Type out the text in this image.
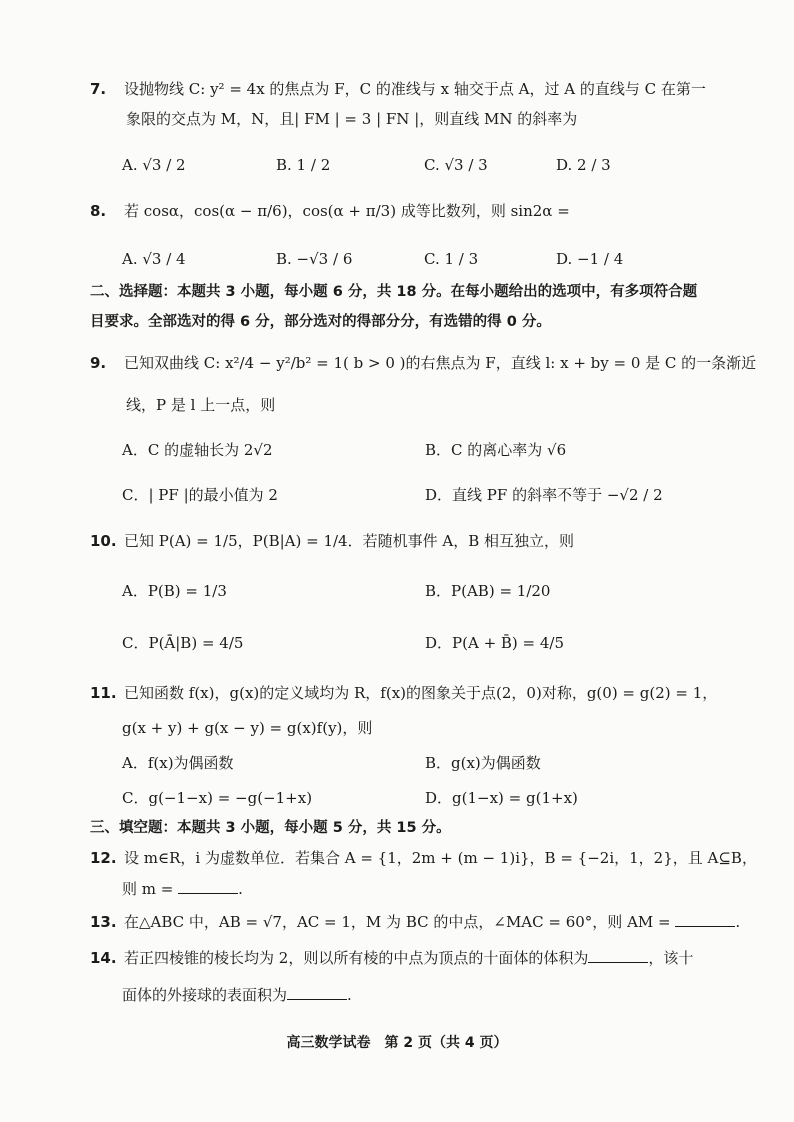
7. 设抛物线 C: y² = 4x 的焦点为 F，C 的准线与 x 轴交于点 A，过 A 的直线与 C 在第一
象限的交点为 M，N，且| FM | = 3 | FN |，则直线 MN 的斜率为
A. √3 / 2	B. 1 / 2	C. √3 / 3	D. 2 / 3
8. 若 cosα，cos(α − π/6)，cos(α + π/3) 成等比数列，则 sin2α =
A. √3 / 4	B. −√3 / 6	C. 1 / 3	D. −1 / 4
二、选择题：本题共 3 小题，每小题 6 分，共 18 分。在每小题给出的选项中，有多项符合题
目要求。全部选对的得 6 分，部分选对的得部分分，有选错的得 0 分。
9. 已知双曲线 C: x²/4 − y²/b² = 1( b > 0 )的右焦点为 F，直线 l: x + by = 0 是 C 的一条渐近
线，P 是 l 上一点，则
A．C 的虚轴长为 2√2	B．C 的离心率为 √6
C．| PF |的最小值为 2	D．直线 PF 的斜率不等于 −√2 / 2
10. 已知 P(A) = 1/5，P(B|A) = 1/4．若随机事件 A，B 相互独立，则
A．P(B) = 1/3	B．P(AB) = 1/20
C．P(Ā|B) = 4/5	D．P(A + B̄) = 4/5
11. 已知函数 f(x)，g(x)的定义域均为 R，f(x)的图象关于点(2，0)对称，g(0) = g(2) = 1，
g(x + y) + g(x − y) = g(x)f(y)，则
A．f(x)为偶函数	B．g(x)为偶函数
C．g(−1−x) = −g(−1+x)	D．g(1−x) = g(1+x)
三、填空题：本题共 3 小题，每小题 5 分，共 15 分。
12. 设 m∈R，i 为虚数单位．若集合 A = {1，2m + (m − 1)i}，B = {−2i，1，2}，且 A⊆B，
则 m =	.
13. 在△ABC 中，AB = √7，AC = 1，M 为 BC 的中点，∠MAC = 60°，则 AM =	.
14. 若正四棱锥的棱长均为 2，则以所有棱的中点为顶点的十面体的体积为	，该十
面体的外接球的表面积为	.
高三数学试卷　第 2 页（共 4 页）
